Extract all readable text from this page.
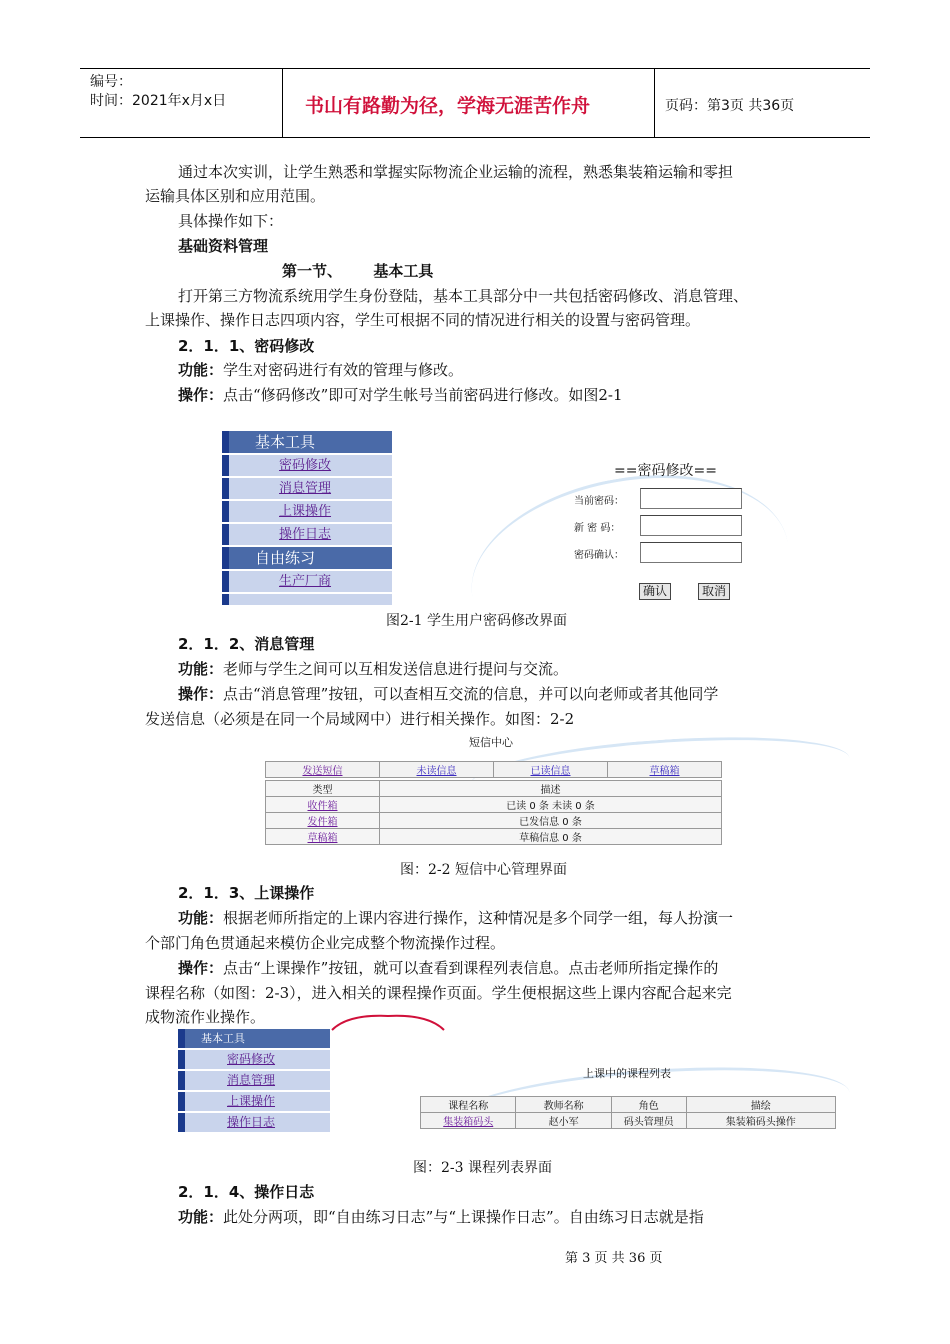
编号：
时间：2021年x月x日	书山有路勤为径，学海无涯苦作舟	页码：第3页 共36页

通过本次实训，让学生熟悉和掌握实际物流企业运输的流程，熟悉集装箱运输和零担

运输具体区别和应用范围。

具体操作如下：

基础资料管理

第一节、      基本工具

打开第三方物流系统用学生身份登陆，基本工具部分中一共包括密码修改、消息管理、

上课操作、操作日志四项内容，学生可根据不同的情况进行相关的设置与密码管理。

2．1．1、密码修改

功能：学生对密码进行有效的管理与修改。

操作：点击“修码修改”即可对学生帐号当前密码进行修改。如图2-1

基本工具
密码修改
消息管理
上课操作
操作日志
自由练习
生产厂商
==密码修改==
当前密码：
新 密 码：
密码确认：
确认	取消
图2-1 学生用户密码修改界面

2．1．2、消息管理

功能：老师与学生之间可以互相发送信息进行提问与交流。

操作：点击“消息管理”按钮，可以查相互交流的信息，并可以向老师或者其他同学

发送信息（必须是在同一个局域网中）进行相关操作。如图：2-2

短信中心
发送短信	未读信息	已读信息	草稿箱
类型	描述
收件箱	已读 0 条 未读 0 条
发件箱	已发信息 0 条
草稿箱	草稿信息 0 条
图：2-2 短信中心管理界面

2．1．3、上课操作

功能：根据老师所指定的上课内容进行操作，这种情况是多个同学一组，每人扮演一

个部门角色贯通起来模仿企业完成整个物流操作过程。

操作：点击“上课操作”按钮，就可以查看到课程列表信息。点击老师所指定操作的

课程名称（如图：2-3），进入相关的课程操作页面。学生便根据这些上课内容配合起来完

成物流作业操作。

基本工具
密码修改
消息管理
上课操作
操作日志
上课中的课程列表
课程名称	教师名称	角色	描绘
集装箱码头	赵小军	码头管理员	集装箱码头操作
图：2-3 课程列表界面

2．1．4、操作日志

功能：此处分两项，即“自由练习日志”与“上课操作日志”。自由练习日志就是指

第 3 页 共 36 页
